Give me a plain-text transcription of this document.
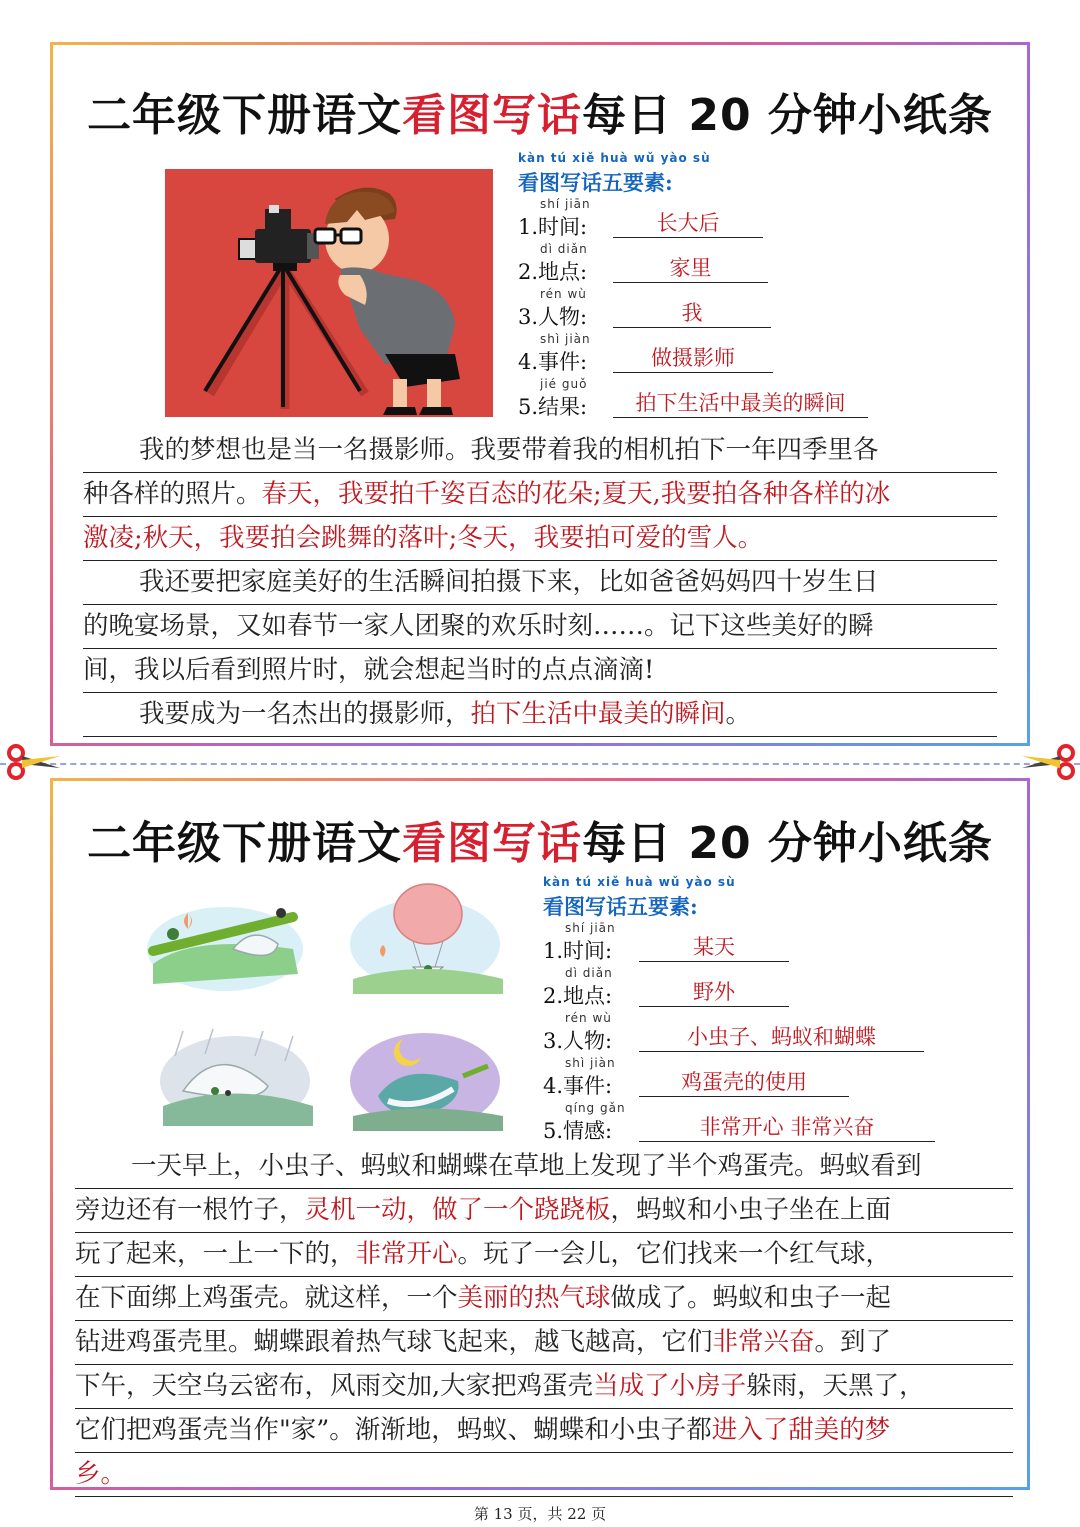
二年级下册语文看图写话每日 20 分钟小纸条
kàn tú xiě huà wǔ yào sù
看图写话五要素:
shí jiān
1.时间:	长大后
dì diǎn
2.地点:	家里
rén wù
3.人物:	我
shì jiàn
4.事件:	做摄影师
jié guǒ
5.结果:	拍下生活中最美的瞬间
我的梦想也是当一名摄影师。我要带着我的相机拍下一年四季里各
种各样的照片。春天，我要拍千姿百态的花朵;夏天,我要拍各种各样的冰
激凌;秋天，我要拍会跳舞的落叶;冬天，我要拍可爱的雪人。
我还要把家庭美好的生活瞬间拍摄下来，比如爸爸妈妈四十岁生日
的晚宴场景，又如春节一家人团聚的欢乐时刻……。记下这些美好的瞬
间，我以后看到照片时，就会想起当时的点点滴滴!
我要成为一名杰出的摄影师，拍下生活中最美的瞬间。
二年级下册语文看图写话每日 20 分钟小纸条
kàn tú xiě huà wǔ yào sù
看图写话五要素:
shí jiān
1.时间:	某天
dì diǎn
2.地点:	野外
rén wù
3.人物:	小虫子、蚂蚁和蝴蝶
shì jiàn
4.事件:	鸡蛋壳的使用
qíng gǎn
5.情感:	非常开心 非常兴奋
一天早上，小虫子、蚂蚁和蝴蝶在草地上发现了半个鸡蛋壳。蚂蚁看到
旁边还有一根竹子，灵机一动，做了一个跷跷板，蚂蚁和小虫子坐在上面
玩了起来，一上一下的，非常开心。玩了一会儿，它们找来一个红气球，
在下面绑上鸡蛋壳。就这样，一个美丽的热气球做成了。蚂蚁和虫子一起
钻进鸡蛋壳里。蝴蝶跟着热气球飞起来，越飞越高，它们非常兴奋。到了
下午，天空乌云密布，风雨交加,大家把鸡蛋壳当成了小房子躲雨，天黑了，
它们把鸡蛋壳当作"家”。渐渐地，蚂蚁、蝴蝶和小虫子都进入了甜美的梦
乡。
第 13 页，共 22 页
